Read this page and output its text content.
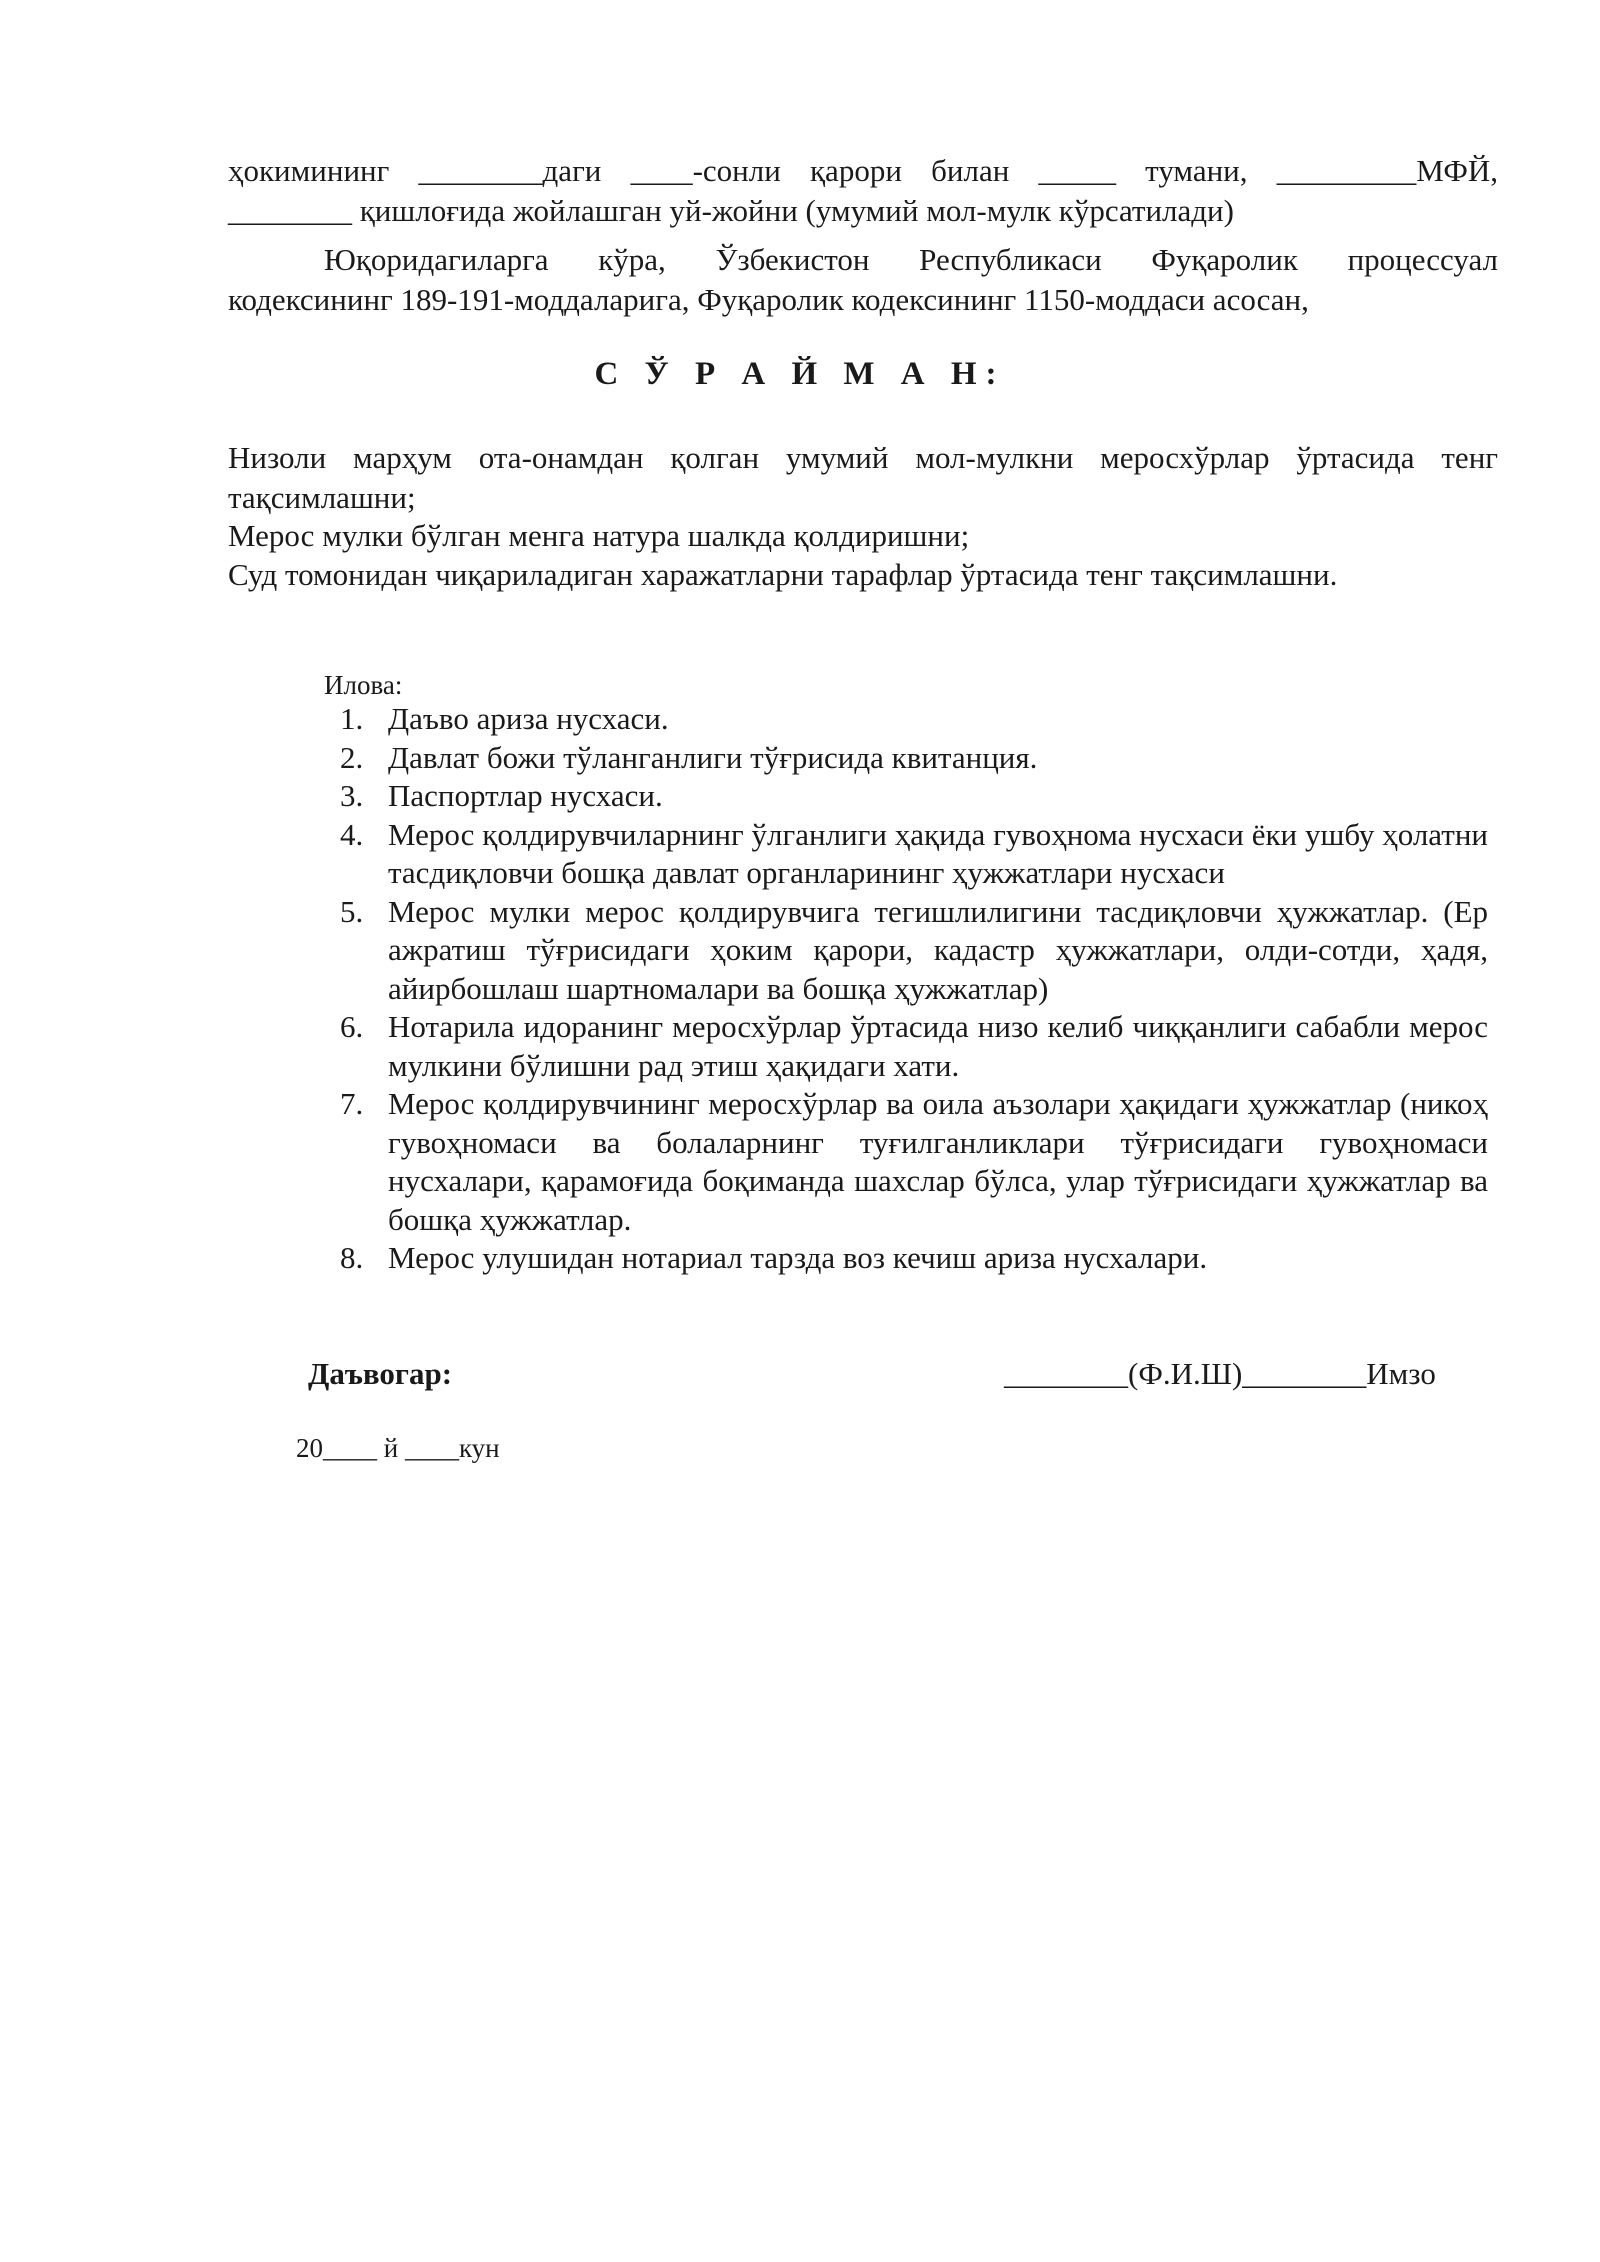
ҳокимининг ________даги ____-сонли қарори билан _____ тумани, _________МФЙ,
________ қишлоғида жойлашган уй-жойни (умумий мол-мулк кўрсатилади)
Юқоридагиларга кўра, Ўзбекистон Республикаси Фуқаролик процессуал
кодексининг 189-191-моддаларига, Фуқаролик кодексининг 1150-моддаси асосан,
С Ў Р А Й М А Н:
Низоли марҳум ота-онамдан қолган умумий мол-мулкни меросхўрлар ўртасида тенг тақсимлашни;
Мерос мулки бўлган менга натура шалкда қолдиришни;
Суд томонидан чиқариладиган харажатларни тарафлар ўртасида тенг тақсимлашни.
Илова:
1. Даъво ариза нусхаси.
2. Давлат божи тўланганлиги тўғрисида квитанция.
3. Паспортлар нусхаси.
4. Мерос қолдирувчиларнинг ўлганлиги ҳақида гувоҳнома нусхаси ёки ушбу ҳолатни тасдиқловчи бошқа давлат органларининг ҳужжатлари нусхаси
5. Мерос мулки мерос қолдирувчига тегишлилигини тасдиқловчи ҳужжатлар. (Ер ажратиш тўғрисидаги ҳоким қарори, кадастр ҳужжатлари, олди-сотди, ҳадя, айирбошлаш шартномалари ва бошқа ҳужжатлар)
6. Нотарила идоранинг меросхўрлар ўртасида низо келиб чиққанлиги сабабли мерос мулкини бўлишни рад этиш ҳақидаги хати.
7. Мерос қолдирувчининг меросхўрлар ва оила аъзолари ҳақидаги ҳужжатлар (никоҳ гувоҳномаси ва болаларнинг туғилганликлари тўғрисидаги гувоҳномаси нусхалари, қарамоғида боқиманда шахслар бўлса, улар тўғрисидаги ҳужжатлар ва бошқа ҳужжатлар.
8. Мерос улушидан нотариал тарзда воз кечиш ариза нусхалари.
Даъвогар:	________(Ф.И.Ш)________Имзо
20____ й ____кун
